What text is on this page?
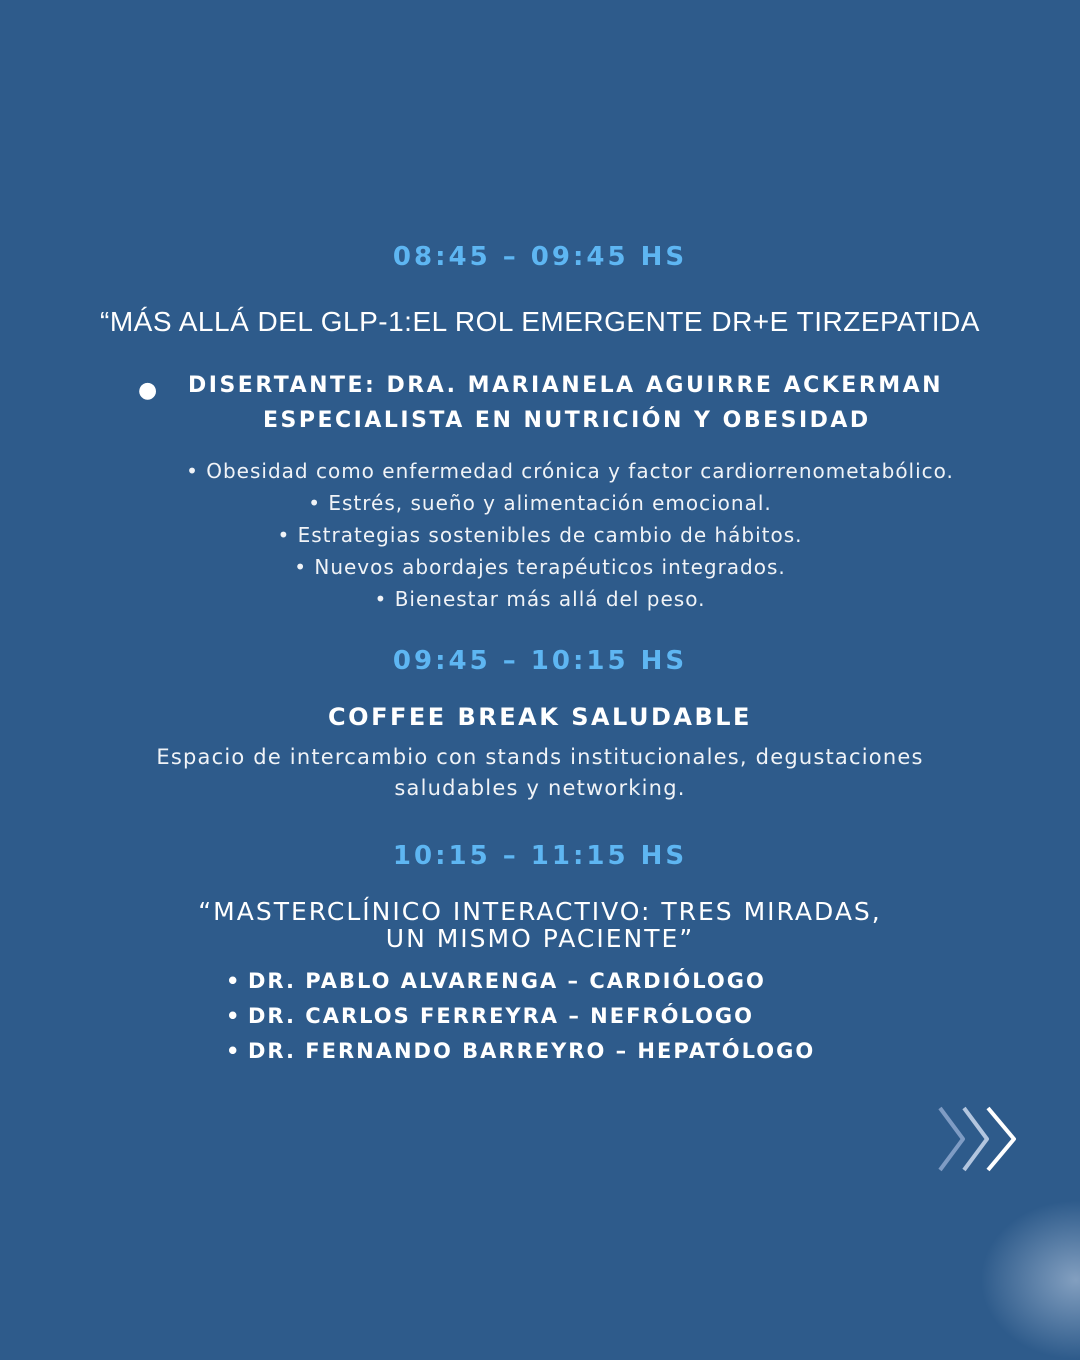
08:45 – 09:45 HS
“MÁS ALLÁ DEL GLP-1:EL ROL EMERGENTE DR+E TIRZEPATIDA
● DISERTANTE: DRA. MARIANELA AGUIRRE ACKERMAN
ESPECIALISTA EN NUTRICIÓN Y OBESIDAD
• Obesidad como enfermedad crónica y factor cardiorrenometabólico.
• Estrés, sueño y alimentación emocional.
• Estrategias sostenibles de cambio de hábitos.
• Nuevos abordajes terapéuticos integrados.
• Bienestar más allá del peso.
09:45 – 10:15 HS
COFFEE BREAK SALUDABLE
Espacio de intercambio con stands institucionales, degustaciones
saludables y networking.
10:15 – 11:15 HS
“MASTERCLÍNICO INTERACTIVO: TRES MIRADAS,
UN MISMO PACIENTE”
• DR. PABLO ALVARENGA – CARDIÓLOGO
• DR. CARLOS FERREYRA – NEFRÓLOGO
• DR. FERNANDO BARREYRO – HEPATÓLOGO
